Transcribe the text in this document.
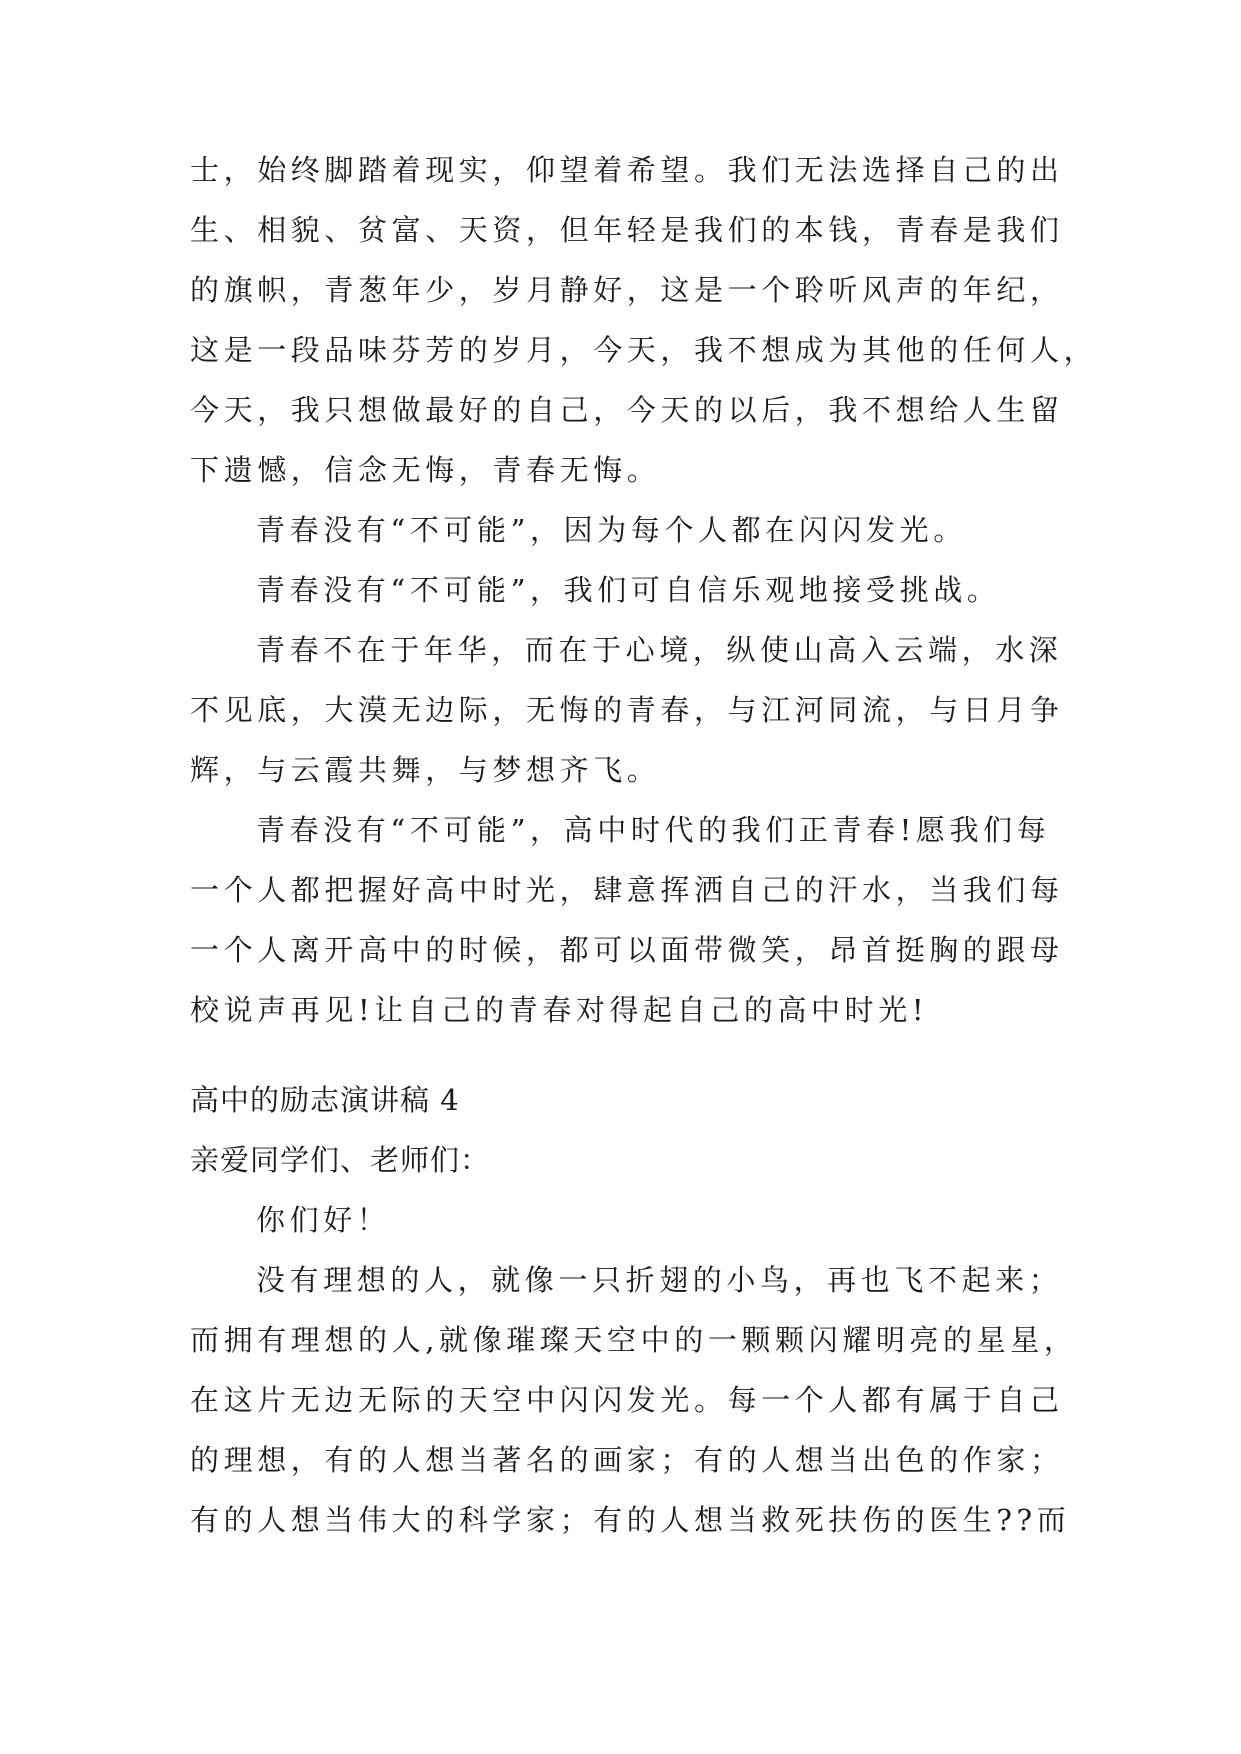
士，始终脚踏着现实，仰望着希望。我们无法选择自己的出
生、相貌、贫富、天资，但年轻是我们的本钱，青春是我们
的旗帜，青葱年少，岁月静好，这是一个聆听风声的年纪，
这是一段品味芬芳的岁月，今天，我不想成为其他的任何人，
今天，我只想做最好的自己，今天的以后，我不想给人生留
下遗憾，信念无悔，青春无悔。
青春没有“不可能”，因为每个人都在闪闪发光。
青春没有“不可能”，我们可自信乐观地接受挑战。
青春不在于年华，而在于心境，纵使山高入云端，水深
不见底，大漠无边际，无悔的青春，与江河同流，与日月争
辉，与云霞共舞，与梦想齐飞。
青春没有“不可能”，高中时代的我们正青春!愿我们每
一个人都把握好高中时光，肆意挥洒自己的汗水，当我们每
一个人离开高中的时候，都可以面带微笑，昂首挺胸的跟母
校说声再见!让自己的青春对得起自己的高中时光!
高中的励志演讲稿 4
亲爱同学们、老师们：
你们好！
没有理想的人，就像一只折翅的小鸟，再也飞不起来；
而拥有理想的人,就像璀璨天空中的一颗颗闪耀明亮的星星，
在这片无边无际的天空中闪闪发光。每一个人都有属于自己
的理想，有的人想当著名的画家；有的人想当出色的作家；
有的人想当伟大的科学家；有的人想当救死扶伤的医生??而
